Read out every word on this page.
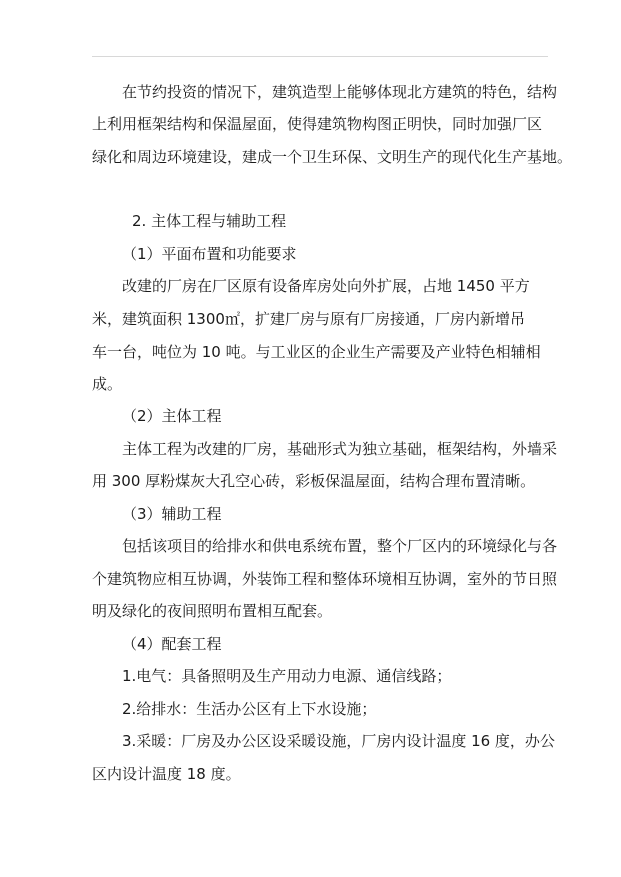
在节约投资的情况下，建筑造型上能够体现北方建筑的特色，结构
上利用框架结构和保温屋面，使得建筑物构图正明快，同时加强厂区
绿化和周边环境建设，建成一个卫生环保、文明生产的现代化生产基地。
2. 主体工程与辅助工程
（1）平面布置和功能要求
改建的厂房在厂区原有设备库房处向外扩展，占地 1450 平方
米，建筑面积 1300㎡，扩建厂房与原有厂房接通，厂房内新增吊
车一台，吨位为 10 吨。与工业区的企业生产需要及产业特色相辅相
成。
（2）主体工程
主体工程为改建的厂房，基础形式为独立基础，框架结构，外墙采
用 300 厚粉煤灰大孔空心砖，彩板保温屋面，结构合理布置清晰。
（3）辅助工程
包括该项目的给排水和供电系统布置，整个厂区内的环境绿化与各
个建筑物应相互协调，外装饰工程和整体环境相互协调，室外的节日照
明及绿化的夜间照明布置相互配套。
（4）配套工程
1.电气：具备照明及生产用动力电源、通信线路；
2.给排水：生活办公区有上下水设施；
3.采暖：厂房及办公区设采暖设施，厂房内设计温度 16 度，办公
区内设计温度 18 度。
